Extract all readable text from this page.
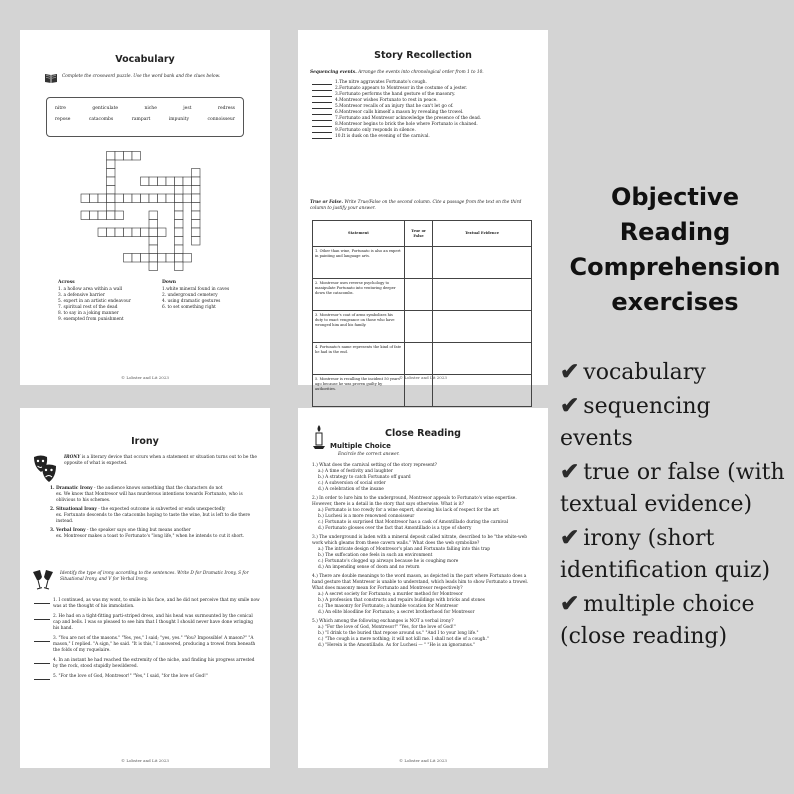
Vocabulary
Complete the crossword puzzle. Use the word bank and the clues below.
nitre	genticulate	niche	jest	redress
repose	catacombs	rampart	impunity	connoisseur
Across
1. a hollow area within a wall
3. a defensive barrier
5. expert in an artistic endeavour
7. spiritual rest of the dead
8. to say in a joking manner
9. exempted from punishment
Down
1.white mineral found in caves
2. underground cemetery
4. using dramatic gestures
6. to set something right
© Lobster and Lit 2023
Story Recollection
Sequencing events. Arrange the events into chronological order from 1 to 10.
1.The nitre aggravates Fortunato's cough.
2.Fortunato appears to Montresor in the costume of a jester.
3.Fortunato performs the hand gesture of the masonry.
4.Montresor wishes Fortunato to rest in peace.
5.Montresor recalls of an injury that he can't let go of.
6.Montresor calls himself a mason by revealing the trowel.
7.Fortunato and Montresor acknowledge the presence of the dead.
8.Montresor begins to brick the hole where Fortunato is chained.
9.Fortunato only responds in silence.
10.It is dusk on the evening of the carnival.
True or False. Write True/False on the second column. Cite a passage from the text on the third column to justify your answer.
Statement	True or False	Textual Evidence
1. Other than wine, Fortunato is also an expert in painting and language arts.		
2. Montresor uses reverse psychology to manipulate Fortunato into venturing deeper down the catacombs.		
3. Montresor's coat of arms symbolizes his duty to exact vengeance on those who have wronged him and his family.		
4. Fortunato's name represents the kind of fate he had in the end.		
5. Montresor is recalling the incident 50 years ago because he was proven guilty by authorities.		
© Lobster and Lit 2023
Irony
IRONY is a literary device that occurs when a statement or situation turns out to be the opposite of what is expected.
1. Dramatic Irony - the audience knows something that the characters do not
ex. We know that Montresor will has murderous intentions towards Fortunato, who is oblivious to his schemes.
2. Situational Irony - the expected outcome is subverted or ends unexpectedly
ex. Fortunato descends to the catacombs hoping to taste the wine, but is left to die there instead.
3. Verbal Irony - the speaker says one thing but means another
ex. Montresor makes a toast to Fortunato's "long life," when he intends to cut it short.
Identify the type of irony according to the sentences. Write D for Dramatic Irony, S for Situational Irony, and V for Verbal Irony.
1. I continued, as was my wont, to smile in his face, and he did not perceive that my smile now was at the thought of his immolation.
2. He had on a tight-fitting parti-striped dress, and his head was surmounted by the conical cap and bells. I was so pleased to see him that I thought I should never have done wringing his hand.
3. "You are not of the masons." "Yes, yes," I said; "yes, yes." "You? Impossible! A mason?" "A mason," I replied. "A sign," he said. "It is this," I answered, producing a trowel from beneath the folds of my roquelaire.
4. In an instant he had reached the extremity of the niche, and finding his progress arrested by the rock, stood stupidly bewildered.
5. "For the love of God, Montresor!" "Yes," I said, "for the love of God!"
© Lobster and Lit 2023
Close Reading
Multiple Choice
Encircle the correct answer.
1.) What does the carnival setting of the story represent?
a.) A time of festivity and laughter
b.) A strategy to catch Fortunato off guard
c.) A subversion of social order
d.) A celebration of the insane
2.) In order to lure him to the underground, Montresor appeals to Fortunato's wine expertise. However, there is a detail in the story that says otherwise. What is it?
a.) Fortunato is too rowdy for a wine expert, showing his lack of respect for the art
b.) Luchesi is a more renowned connoisseur
c.) Fortunato is surprised that Montresor has a cask of Amontillado during the carnival
d.) Fortunato glosses over the fact that Amontillado is a type of sherry
3.) The underground is laden with a mineral deposit called nitrate, described to be "the white-web work which gleams from these cavern walls." What does the web symbolize?
a.) The intricate design of Montresor's plan and Fortunato falling into this trap
b.) The suffocation one feels in such an environment
c.) Fortunato's clogged up airways because he is coughing more
d.) An impending sense of doom and no return
4.) There are double meanings to the word mason, as depicted in the part where Fortunato does a hand gesture that Montresor is unable to understand, which leads him to show Fortunato a trowel. What does masonry mean for Fortunato and Montresor respectively?
a.) A secret society for Fortunato; a murder method for Montresor
b.) A profession that constructs and repairs buildings with bricks and stones
c.) The masonry for Fortunato; a humble vocation for Montresor
d.) An elite bloodline for Fortunato; a secret brotherhood for Montresor
5.) Which among the following exchanges is NOT a verbal irony?
a.) "For the love of God, Montresor!" "Yes, for the love of God!"
b.) "I drink to the buried that repose around us." "And I to your long life."
c.) "The cough is a mere nothing; it will not kill me. I shall not die of a cough."
d.) "Herein is the Amontillado. As for Luchesi — " "He is an ignoramus."
© Lobster and Lit 2023
Objective Reading
Comprehension
exercises
✔ vocabulary
✔ sequencing events
✔ true or false (with textual evidence)
✔ irony (short identification quiz)
✔ multiple choice (close reading)
